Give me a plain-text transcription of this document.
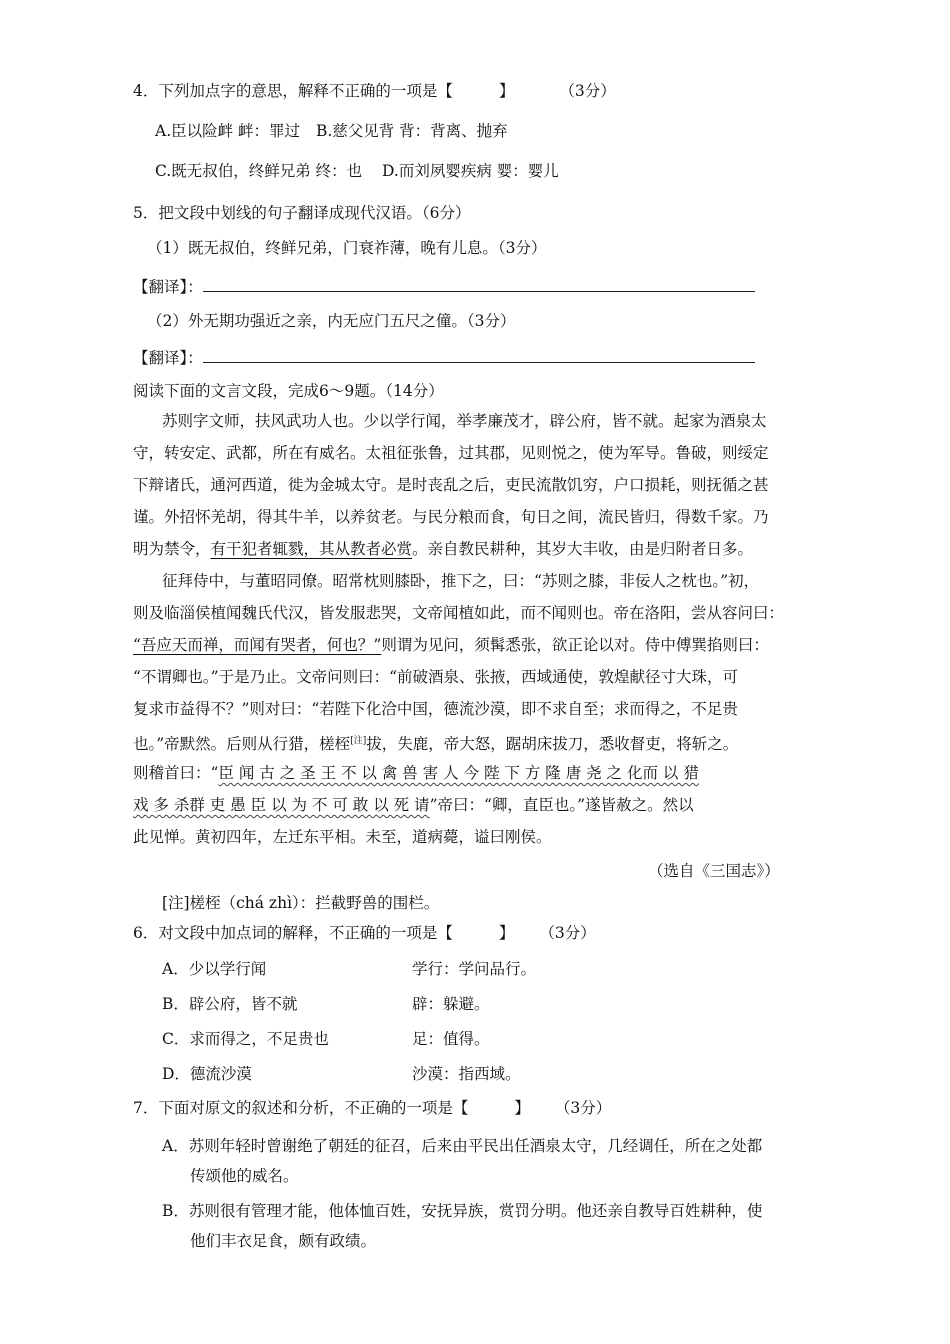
4．下列加点字的意思，解释不正确的一项是【	】	（3分）
A.臣以险衅 衅：罪过 B.慈父见背 背：背离、抛弃
C.既无叔伯，终鲜兄弟 终：也 D.而刘夙婴疾病 婴：婴儿
5．把文段中划线的句子翻译成现代汉语。（6分）
（1）既无叔伯，终鲜兄弟，门衰祚薄，晚有儿息。（3分）
【翻译】：
（2）外无期功强近之亲，内无应门五尺之僮。（3分）
【翻译】：
阅读下面的文言文段，完成6～9题。（14分）
苏则字文师，扶风武功人也。少以学行闻，举孝廉茂才，辟公府，皆不就。起家为酒泉太
守，转安定、武都，所在有威名。太祖征张鲁，过其郡，见则悦之，使为军导。鲁破，则绥定
下辩诸氏，通河西道，徙为金城太守。是时丧乱之后，吏民流散饥穷，户口损耗，则抚循之甚
谨。外招怀羌胡，得其牛羊，以养贫老。与民分粮而食，旬日之间，流民皆归，得数千家。乃
明为禁令，有干犯者辄戮，其从教者必赏。亲自教民耕种，其岁大丰收，由是归附者日多。
征拜侍中，与董昭同僚。昭常枕则膝卧，推下之，曰：“苏则之膝，非佞人之枕也。”初，
则及临淄侯植闻魏氏代汉，皆发服悲哭，文帝闻植如此，而不闻则也。帝在洛阳，尝从容问曰：
“吾应天而禅，而闻有哭者，何也？”则谓为见问，须髯悉张，欲正论以对。侍中傅巽掐则曰：
“不谓卿也。”于是乃止。文帝问则曰：“前破酒泉、张掖，西域通使，敦煌献径寸大珠，可
复求市益得不？”则对曰：“若陛下化洽中国，德流沙漠，即不求自至；求而得之，不足贵
也。”帝默然。后则从行猎，槎桎[注]拔，失鹿，帝大怒，踞胡床拔刀，悉收督吏，将斩之。
则稽首曰：“臣 闻 古 之 圣 王 不 以 禽 兽 害 人 今 陛 下 方 隆 唐 尧 之 化而 以 猎
戏 多 杀群 吏 愚 臣 以 为 不 可 敢 以 死 请”帝曰：“卿，直臣也。”遂皆赦之。然以
此见惮。黄初四年，左迁东平相。未至，道病薨，谥曰刚侯。
（选自《三国志》）
[注]槎桎（chá zhì）：拦截野兽的围栏。
6．对文段中加点词的解释，不正确的一项是【	】 （3分）
A．少以学行闻	学行：学问品行。
B．辟公府，皆不就	辟：躲避。
C．求而得之，不足贵也	足：值得。
D．德流沙漠	沙漠：指西域。
7．下面对原文的叙述和分析，不正确的一项是【	】 （3分）
A．苏则年轻时曾谢绝了朝廷的征召，后来由平民出任酒泉太守，几经调任，所在之处都
传颂他的威名。
B．苏则很有管理才能，他体恤百姓，安抚异族，赏罚分明。他还亲自教导百姓耕种，使
他们丰衣足食，颇有政绩。
